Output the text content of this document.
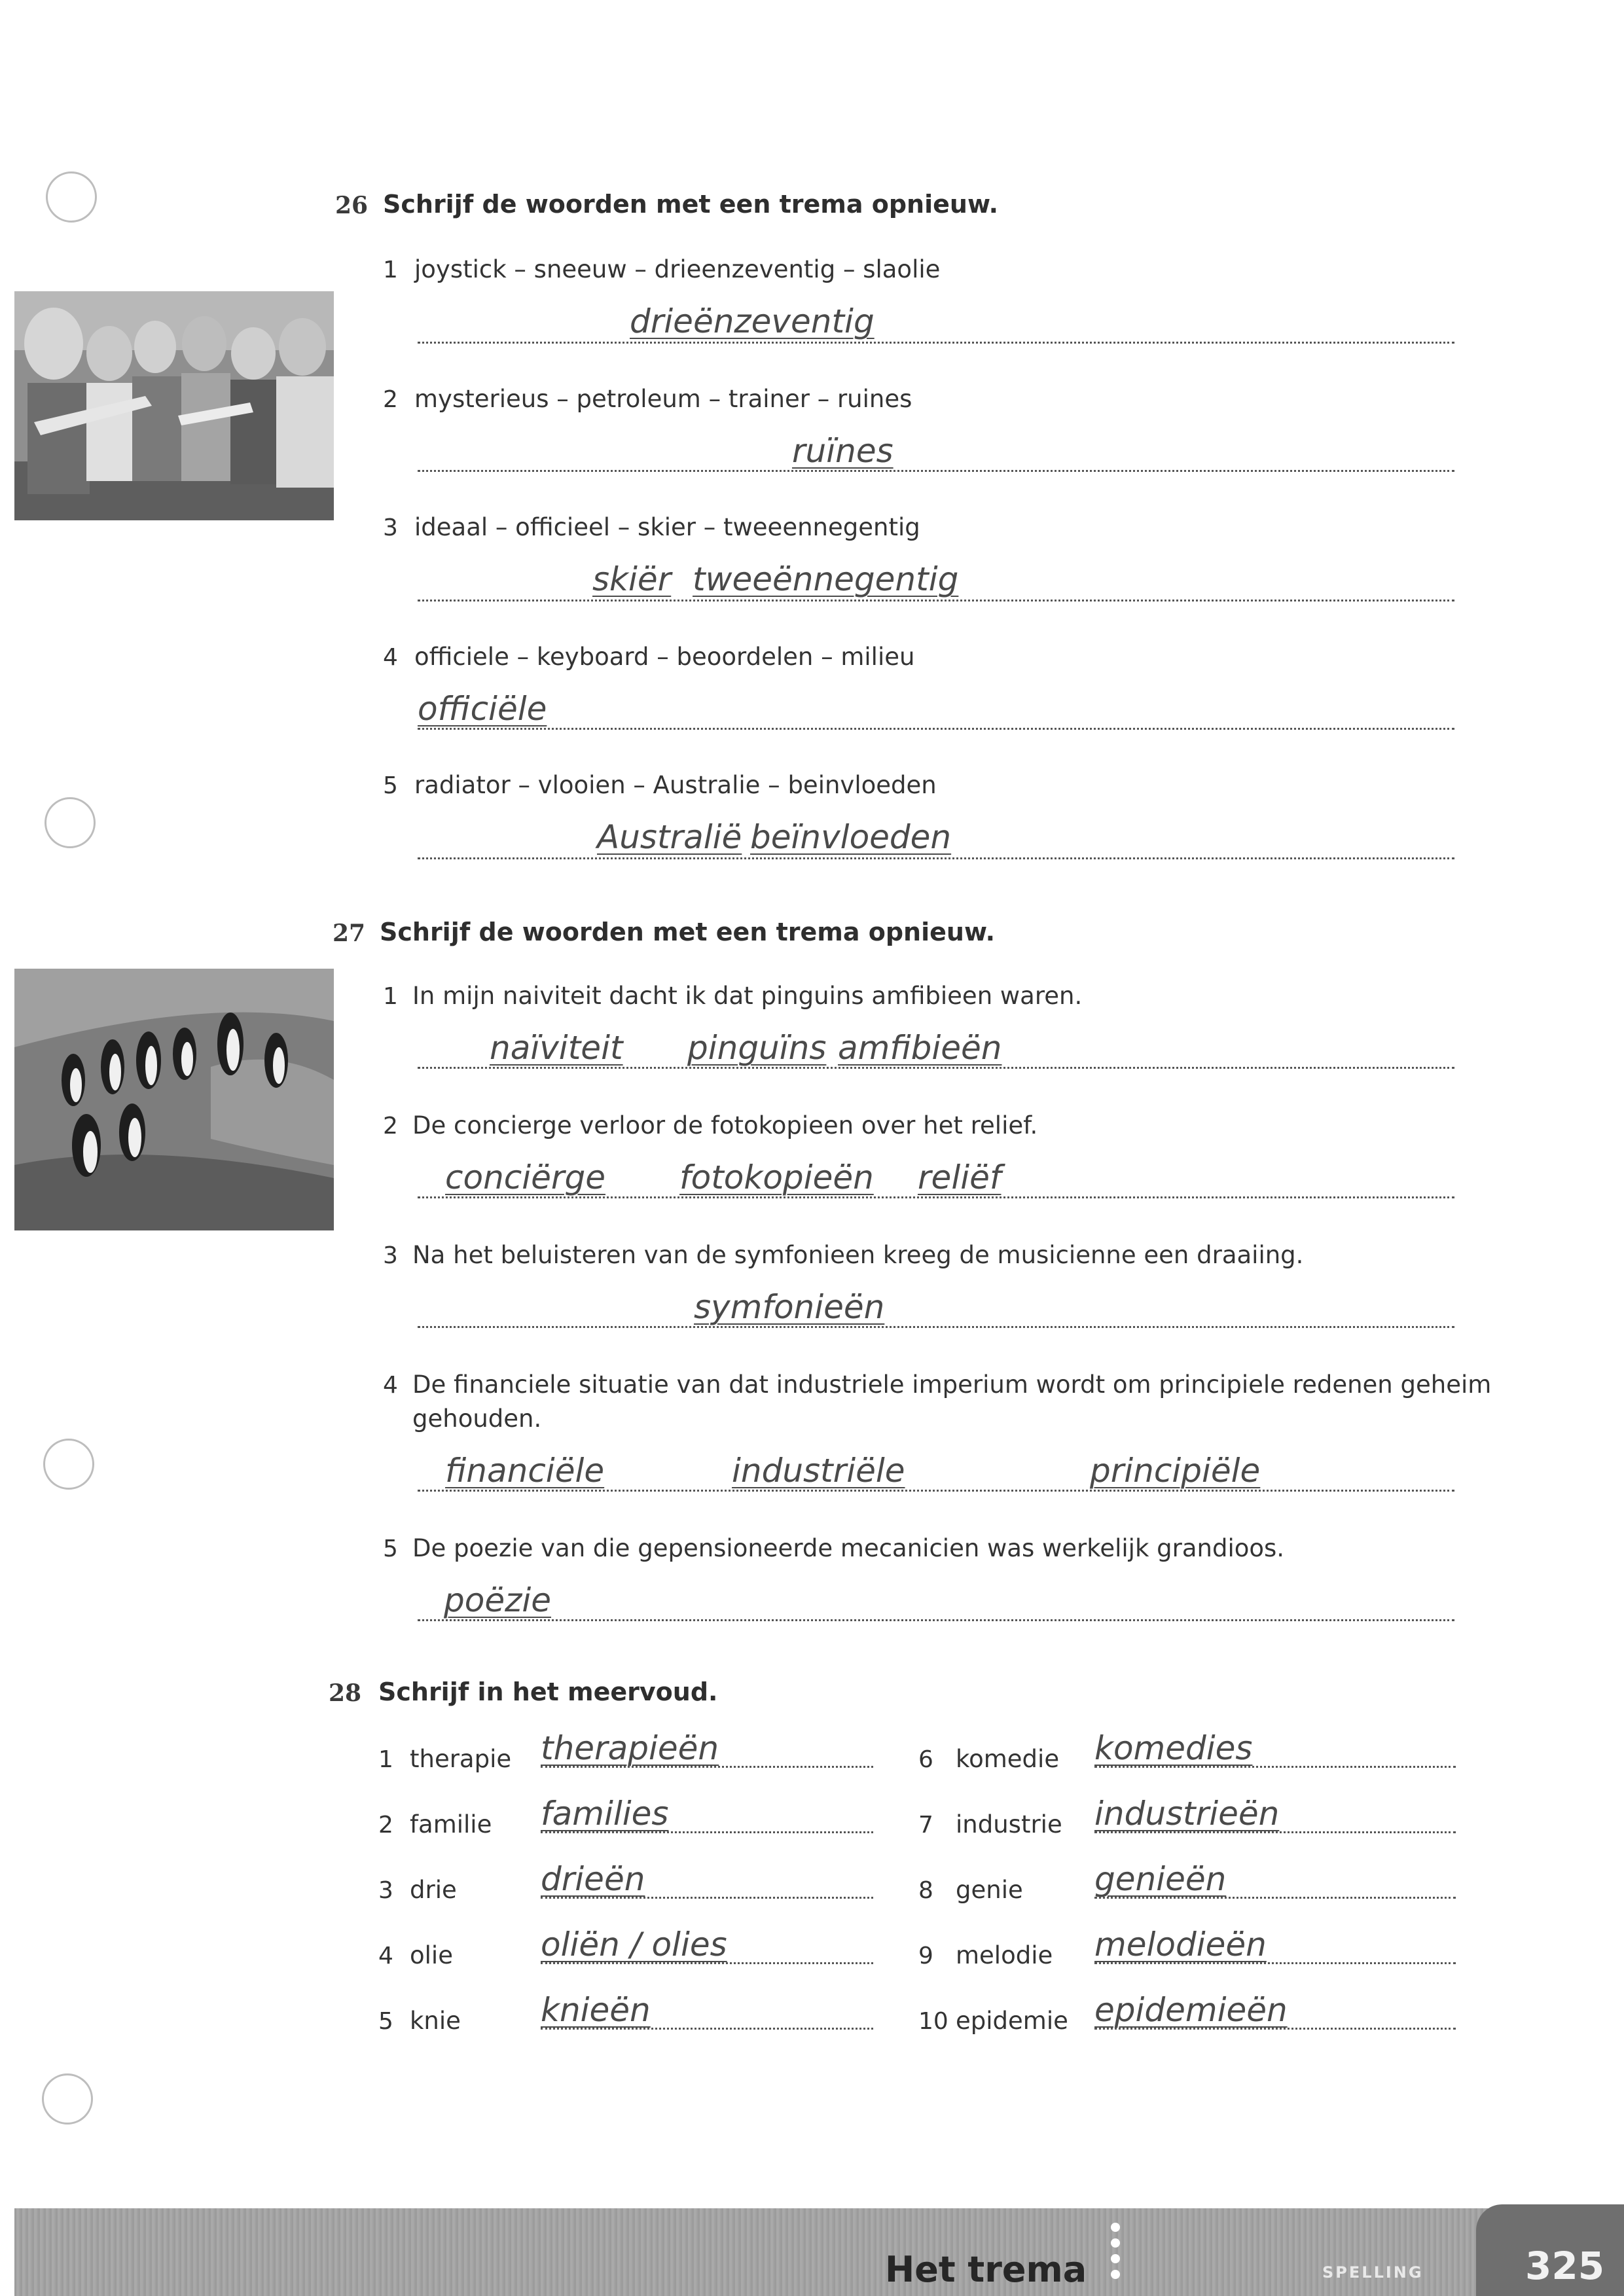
26 Schrijf de woorden met een trema opnieuw.
1 joystick – sneeuw – drieenzeventig – slaolie
drieënzeventig
2 mysterieus – petroleum – trainer – ruines
ruïnes
3 ideaal – officieel – skier – tweeennegentig
skiër tweeënnegentig
4 officiele – keyboard – beoordelen – milieu
officiële
5 radiator – vlooien – Australie – beinvloeden
Australië beïnvloeden
27 Schrijf de woorden met een trema opnieuw.
1 In mijn naiviteit dacht ik dat pinguins amfibieen waren.
naïviteit pinguïns amfibieën
2 De concierge verloor de fotokopieen over het relief.
conciërge fotokopieën reliëf
3 Na het beluisteren van de symfonieen kreeg de musicienne een draaiing.
symfonieën
4 De financiele situatie van dat industriele imperium wordt om principiele redenen geheim
gehouden.
financiële	industriële	principiële
5 De poezie van die gepensioneerde mecanicien was werkelijk grandioos.
poëzie
28 Schrijf in het meervoud.
1 therapie therapieën
2 familie families
3 drie	drieën
4 olie	oliën / olies
5 knie knieën
6 komedie komedies
7 industrie industrieën
8 genie genieën
9 melodie melodieën
10 epidemie epidemieën
Het trema	SPELLING	325
